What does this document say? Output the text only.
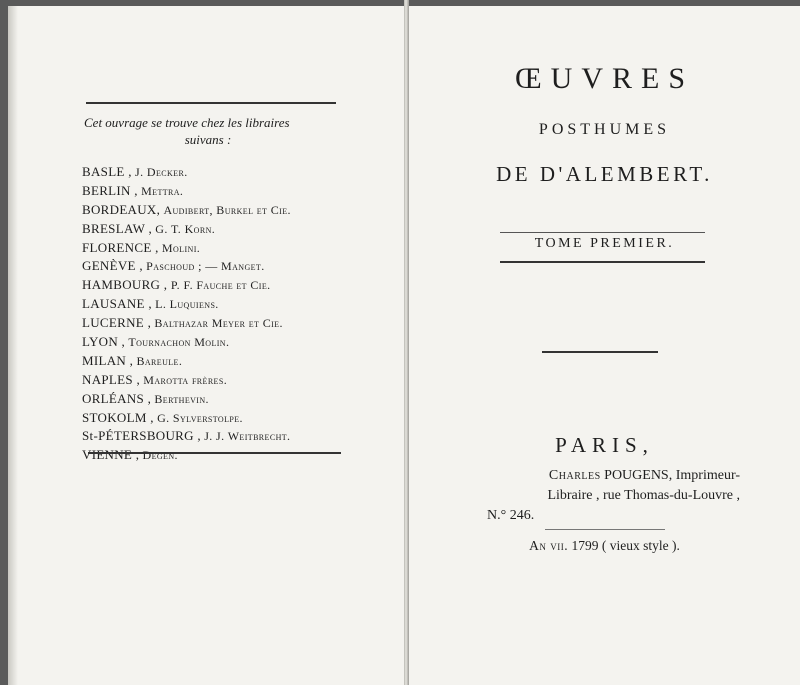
Cet ouvrage se trouve chez les libraires
suivans :
BASLE , J. Decker.
BERLIN , Mettra.
BORDEAUX, Audibert, Burkel et Cie.
BRESLAW , G. T. Korn.
FLORENCE , Molini.
GENÈVE , Paschoud ; — Manget.
HAMBOURG , P. F. Fauche et Cie.
LAUSANE , L. Luquiens.
LUCERNE , Balthazar Meyer et Cie.
LYON , Tournachon Molin.
MILAN , Bareule.
NAPLES , Marotta frères.
ORLÉANS , Berthevin.
STOKOLM , G. Sylverstolpe.
St-PÉTERSBOURG , J. J. Weitbrecht.
VIENNE , Degen.
ŒUVRES
POSTHUMES
DE D'ALEMBERT.
TOME PREMIER.
PARIS,
Charles POUGENS, Imprimeur-
Libraire , rue Thomas-du-Louvre ,
N.° 246.
An vii. 1799 ( vieux style ).
